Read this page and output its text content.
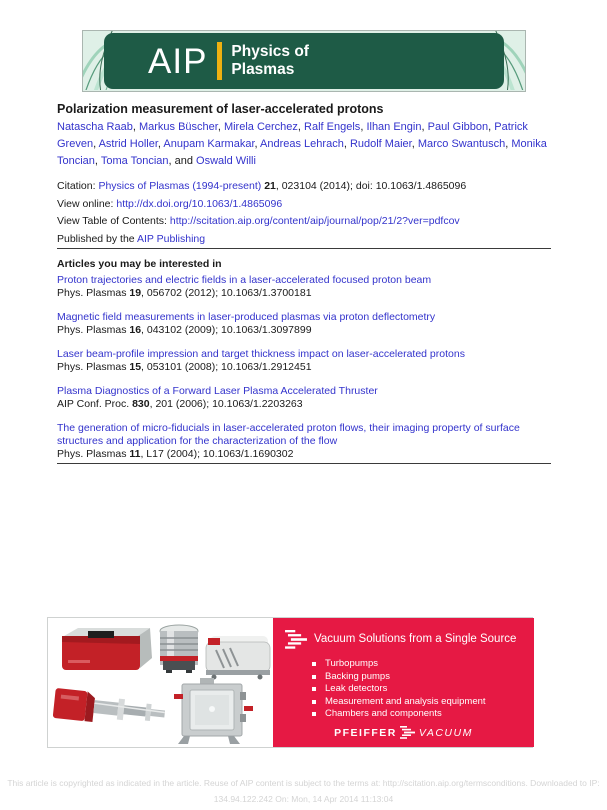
AIP Physics of
Plasmas
Polarization measurement of laser-accelerated protons
Natascha Raab, Markus Büscher, Mirela Cerchez, Ralf Engels, Ilhan Engin, Paul Gibbon, Patrick Greven, Astrid Holler, Anupam Karmakar, Andreas Lehrach, Rudolf Maier, Marco Swantusch, Monika Toncian, Toma Toncian, and Oswald Willi
Citation: Physics of Plasmas (1994-present) 21, 023104 (2014); doi: 10.1063/1.4865096
View online: http://dx.doi.org/10.1063/1.4865096
View Table of Contents: http://scitation.aip.org/content/aip/journal/pop/21/2?ver=pdfcov
Published by the AIP Publishing
Articles you may be interested in
Proton trajectories and electric fields in a laser-accelerated focused proton beam
Phys. Plasmas 19, 056702 (2012); 10.1063/1.3700181
Magnetic field measurements in laser-produced plasmas via proton deflectometry
Phys. Plasmas 16, 043102 (2009); 10.1063/1.3097899
Laser beam-profile impression and target thickness impact on laser-accelerated protons
Phys. Plasmas 15, 053101 (2008); 10.1063/1.2912451
Plasma Diagnostics of a Forward Laser Plasma Accelerated Thruster
AIP Conf. Proc. 830, 201 (2006); 10.1063/1.2203263
The generation of micro-fiducials in laser-accelerated proton flows, their imaging property of surface structures and application for the characterization of the flow
Phys. Plasmas 11, L17 (2004); 10.1063/1.1690302
Vacuum Solutions from a Single Source
Turbopumps
Backing pumps
Leak detectors
Measurement and analysis equipment
Chambers and components
PFEIFFER VACUUM
This article is copyrighted as indicated in the article. Reuse of AIP content is subject to the terms at: http://scitation.aip.org/termsconditions. Downloaded to IP:
134.94.122.242 On: Mon, 14 Apr 2014 11:13:04
